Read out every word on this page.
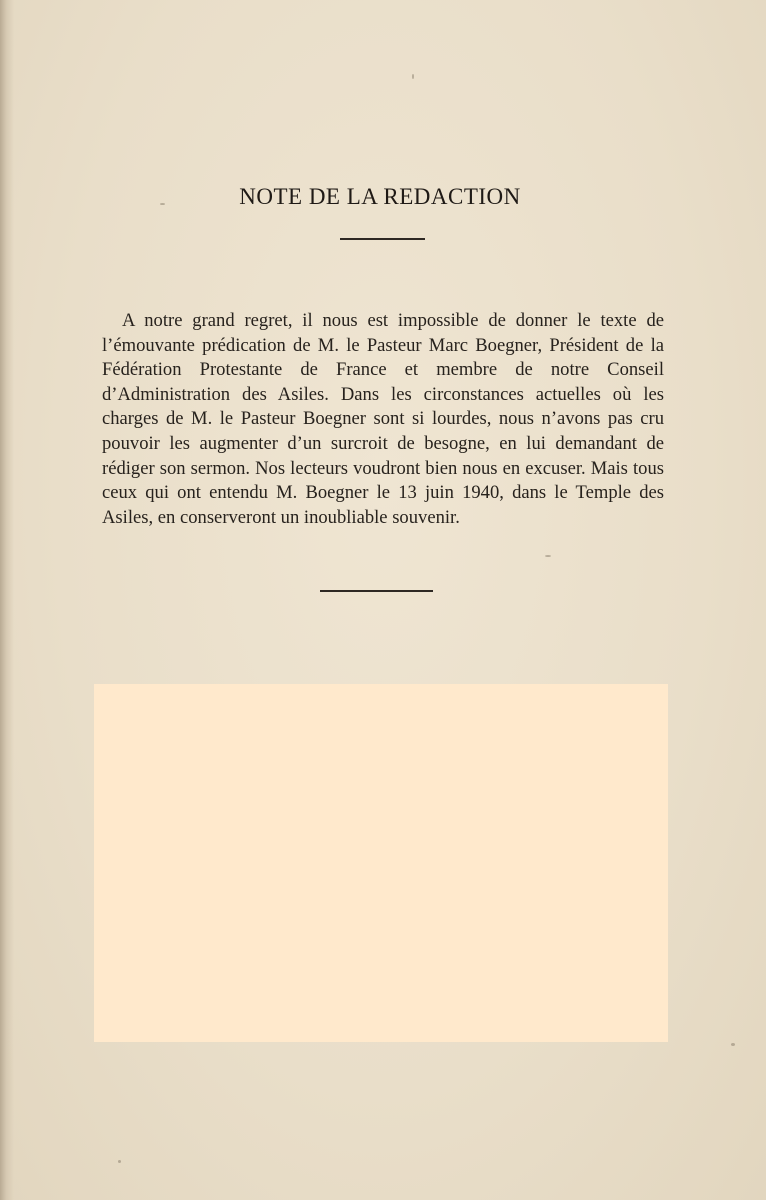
NOTE DE LA REDACTION

A notre grand regret, il nous est impossible de donner le texte de l’émouvante prédication de M. le Pasteur Marc Boegner, Président de la Fédération Protestante de France et membre de notre Conseil d’Administration des Asiles. Dans les circonstances actuelles où les charges de M. le Pasteur Boegner sont si lourdes, nous n’avons pas cru pouvoir les augmenter d’un surcroit de besogne, en lui demandant de rédiger son sermon. Nos lecteurs voudront bien nous en excuser. Mais tous ceux qui ont entendu M. Boegner le 13 juin 1940, dans le Temple des Asiles, en conserveront un inoubliable souvenir.
